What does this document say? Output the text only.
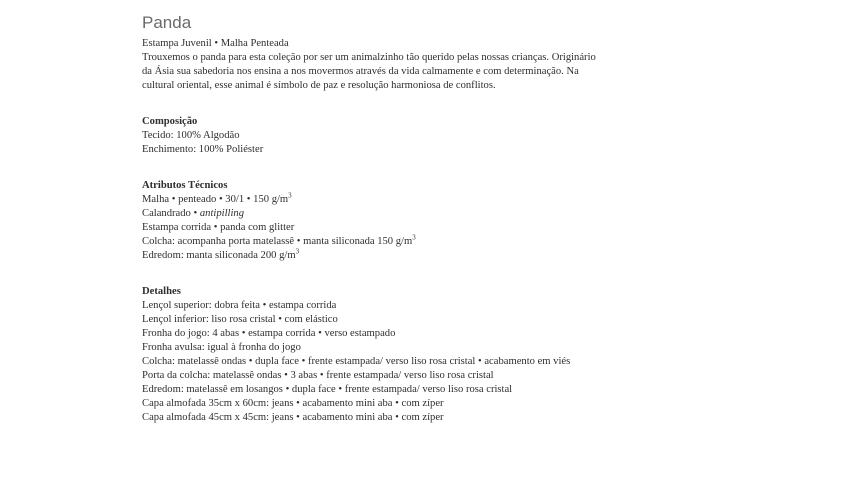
Panda

Estampa Juvenil • Malha Penteada

Trouxemos o panda para esta coleção por ser um animalzinho tão querido pelas nossas crianças. Originário da Ásia sua sabedoria nos ensina a nos movermos através da vida calmamente e com determinação. Na cultural oriental, esse animal é símbolo de paz e resolução harmoniosa de conflitos.

Composição

Tecido: 100% Algodão

Enchimento: 100% Poliéster

Atributos Técnicos

Malha • penteado • 30/1 • 150 $g/m^3$

Calandrado • antipilling

Estampa corrida • panda com glitter

Colcha: acompanha porta matelassê • manta siliconada 150 $g/m^3$

Edredom: manta siliconada 200 $g/m^3$

Detalhes

Lençol superior: dobra feita • estampa corrida

Lençol inferior: liso rosa cristal • com elástico

Fronha do jogo: 4 abas • estampa corrida • verso estampado

Fronha avulsa: igual à fronha do jogo

Colcha: matelassê ondas • dupla face • frente estampada/ verso liso rosa cristal • acabamento em viés

Porta da colcha: matelassê ondas • 3 abas • frente estampada/ verso liso rosa cristal

Edredom: matelassê em losangos • dupla face • frente estampada/ verso liso rosa cristal

Capa almofada 35cm x 60cm: jeans • acabamento mini aba • com zíper

Capa almofada 45cm x 45cm: jeans • acabamento mini aba • com zíper
